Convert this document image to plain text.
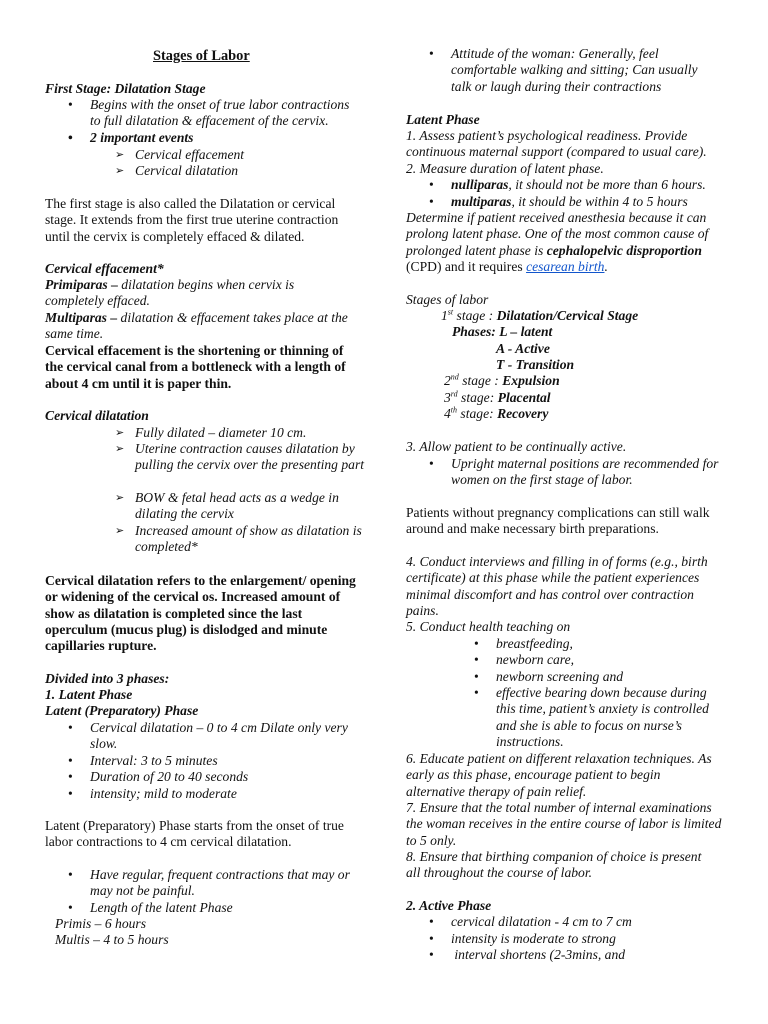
Stages of Labor
First Stage: Dilatation Stage
• Begins with the onset of true labor contractions to full dilatation & effacement of the cervix.
• 2 important events
➢ Cervical effacement
➢ Cervical dilatation
The first stage is also called the Dilatation or cervical stage. It extends from the first true uterine contraction until the cervix is completely effaced & dilated.
Cervical effacement*
Primiparas – dilatation begins when cervix is completely effaced.
Multiparas – dilatation & effacement takes place at the same time.
Cervical effacement is the shortening or thinning of the cervical canal from a bottleneck with a length of about 4 cm until it is paper thin.
Cervical dilatation
➢ Fully dilated – diameter 10 cm.
➢ Uterine contraction causes dilatation by pulling the cervix over the presenting part
➢ BOW & fetal head acts as a wedge in dilating the cervix
➢ Increased amount of show as dilatation is completed*
Cervical dilatation refers to the enlargement/ opening or widening of the cervical os. Increased amount of show as dilatation is completed since the last operculum (mucus plug) is dislodged and minute capillaries rupture.
Divided into 3 phases:
1. Latent Phase
Latent (Preparatory) Phase
• Cervical dilatation – 0 to 4 cm Dilate only very slow.
• Interval: 3 to 5 minutes
• Duration of 20 to 40 seconds
• intensity; mild to moderate
Latent (Preparatory) Phase starts from the onset of true labor contractions to 4 cm cervical dilatation.
• Have regular, frequent contractions that may or may not be painful.
• Length of the latent Phase
Primis – 6 hours
Multis – 4 to 5 hours
• Attitude of the woman: Generally, feel comfortable walking and sitting; Can usually talk or laugh during their contractions
Latent Phase
1. Assess patient’s psychological readiness. Provide continuous maternal support (compared to usual care).
2. Measure duration of latent phase.
• nulliparas, it should not be more than 6 hours.
• multiparas, it should be within 4 to 5 hours
Determine if patient received anesthesia because it can prolong latent phase. One of the most common cause of prolonged latent phase is cephalopelvic disproportion (CPD) and it requires cesarean birth.
Stages of labor
1st stage : Dilatation/Cervical Stage
Phases: L – latent
A - Active
T - Transition
2nd stage : Expulsion
3rd stage: Placental
4th stage: Recovery
3. Allow patient to be continually active.
• Upright maternal positions are recommended for women on the first stage of labor.
Patients without pregnancy complications can still walk around and make necessary birth preparations.
4. Conduct interviews and filling in of forms (e.g., birth certificate) at this phase while the patient experiences minimal discomfort and has control over contraction pains.
5. Conduct health teaching on
• breastfeeding,
• newborn care,
• newborn screening and
• effective bearing down because during this time, patient’s anxiety is controlled and she is able to focus on nurse’s instructions.
6. Educate patient on different relaxation techniques. As early as this phase, encourage patient to begin alternative therapy of pain relief.
7. Ensure that the total number of internal examinations the woman receives in the entire course of labor is limited to 5 only.
8. Ensure that birthing companion of choice is present all throughout the course of labor.
2. Active Phase
• cervical dilatation - 4 cm to 7 cm
• intensity is moderate to strong
• interval shortens (2-3mins, and
